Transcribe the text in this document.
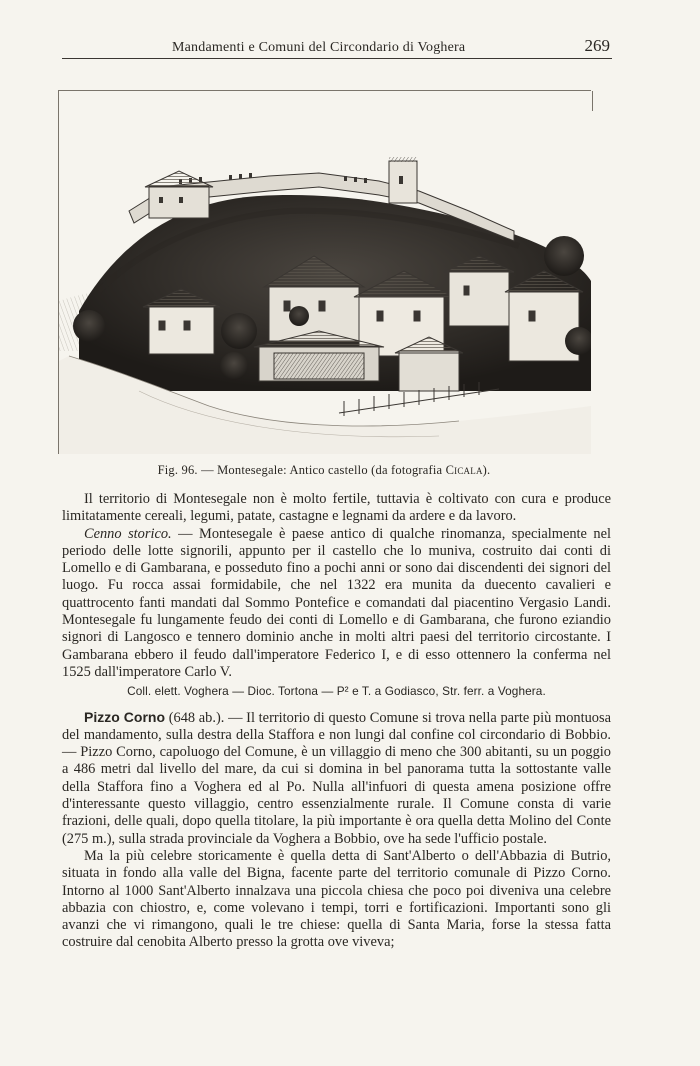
Mandamenti e Comuni del Circondario di Voghera	269
Fig. 96. — Montesegale: Antico castello (da fotografia Cicala).

Il territorio di Montesegale non è molto fertile, tuttavia è coltivato con cura e produce limitatamente cereali, legumi, patate, castagne e legnami da ardere e da lavoro.

Cenno storico. — Montesegale è paese antico di qualche rinomanza, specialmente nel periodo delle lotte signorili, appunto per il castello che lo muniva, costruito dai conti di Lomello e di Gambarana, e posseduto fino a pochi anni or sono dai discendenti dei signori del luogo. Fu rocca assai formidabile, che nel 1322 era munita da duecento cavalieri e quattrocento fanti mandati dal Sommo Pontefice e comandati dal piacentino Vergasio Landi. Montesegale fu lungamente feudo dei conti di Lomello e di Gambarana, che furono eziandio signori di Langosco e tennero dominio anche in molti altri paesi del territorio circostante. I Gambarana ebbero il feudo dall'imperatore Federico I, e di esso ottennero la conferma nel 1525 dall'imperatore Carlo V.

Coll. elett. Voghera — Dioc. Tortona — P² e T. a Godiasco, Str. ferr. a Voghera.

Pizzo Corno (648 ab.). — Il territorio di questo Comune si trova nella parte più montuosa del mandamento, sulla destra della Staffora e non lungi dal confine col circondario di Bobbio. — Pizzo Corno, capoluogo del Comune, è un villaggio di meno che 300 abitanti, su un poggio a 486 metri dal livello del mare, da cui si domina in bel panorama tutta la sottostante valle della Staffora fino a Voghera ed al Po. Nulla all'infuori di questa amena posizione offre d'interessante questo villaggio, centro essenzialmente rurale. Il Comune consta di varie frazioni, delle quali, dopo quella titolare, la più importante è ora quella detta Molino del Conte (275 m.), sulla strada provinciale da Voghera a Bobbio, ove ha sede l'ufficio postale.

Ma la più celebre storicamente è quella detta di Sant'Alberto o dell'Abbazia di Butrio, situata in fondo alla valle del Bigna, facente parte del territorio comunale di Pizzo Corno. Intorno al 1000 Sant'Alberto innalzava una piccola chiesa che poco poi diveniva una celebre abbazia con chiostro, e, come volevano i tempi, torri e fortificazioni. Importanti sono gli avanzi che vi rimangono, quali le tre chiese: quella di Santa Maria, forse la stessa fatta costruire dal cenobita Alberto presso la grotta ove viveva;
